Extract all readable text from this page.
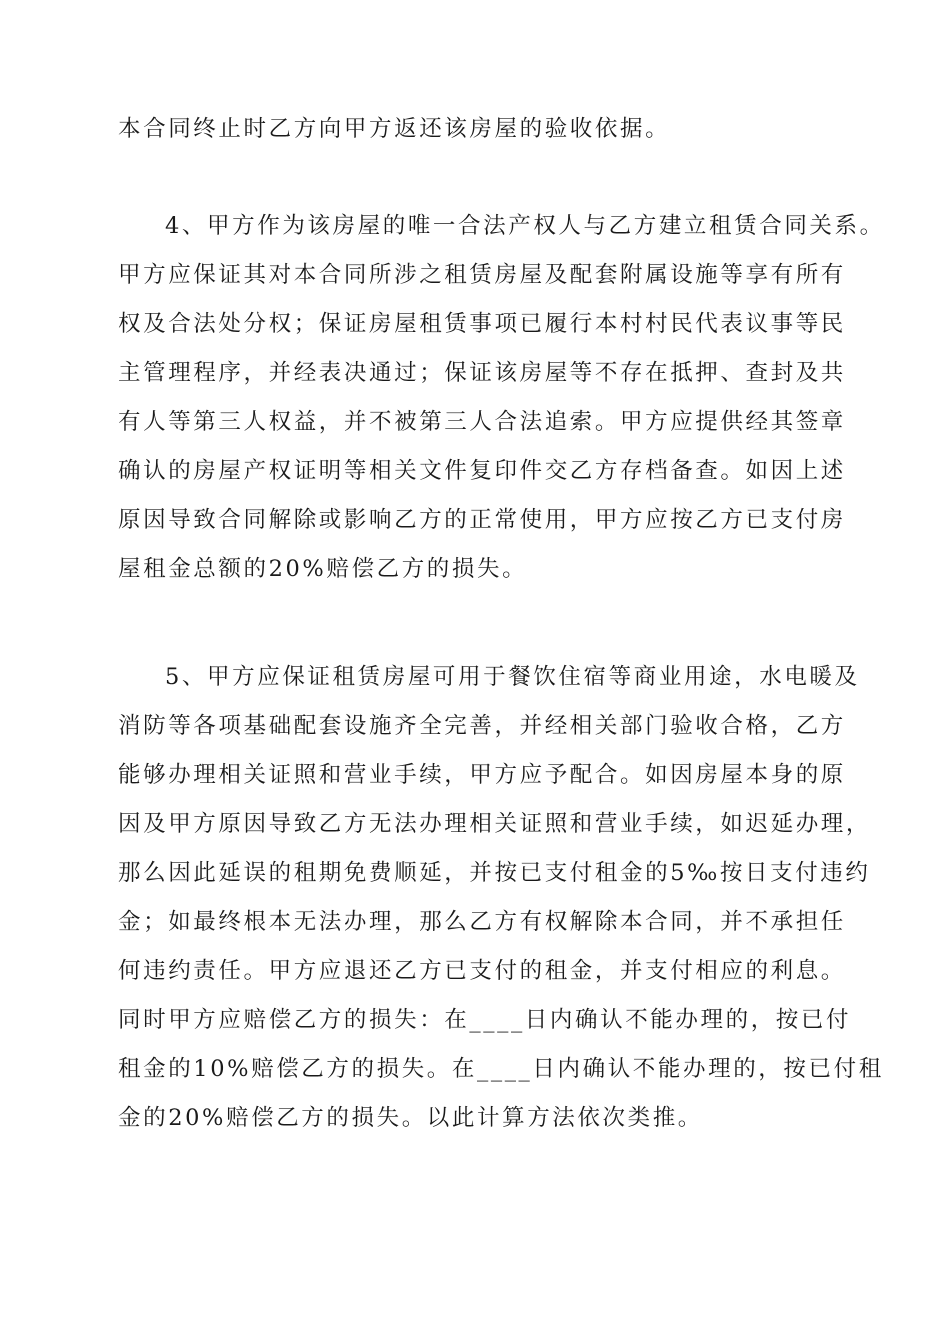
本合同终止时乙方向甲方返还该房屋的验收依据。
4、甲方作为该房屋的唯一合法产权人与乙方建立租赁合同关系。
甲方应保证其对本合同所涉之租赁房屋及配套附属设施等享有所有
权及合法处分权；保证房屋租赁事项已履行本村村民代表议事等民
主管理程序，并经表决通过；保证该房屋等不存在抵押、查封及共
有人等第三人权益，并不被第三人合法追索。甲方应提供经其签章
确认的房屋产权证明等相关文件复印件交乙方存档备查。如因上述
原因导致合同解除或影响乙方的正常使用，甲方应按乙方已支付房
屋租金总额的20%赔偿乙方的损失。
5、甲方应保证租赁房屋可用于餐饮住宿等商业用途，水电暖及
消防等各项基础配套设施齐全完善，并经相关部门验收合格，乙方
能够办理相关证照和营业手续，甲方应予配合。如因房屋本身的原
因及甲方原因导致乙方无法办理相关证照和营业手续，如迟延办理，
那么因此延误的租期免费顺延，并按已支付租金的5‰按日支付违约
金；如最终根本无法办理，那么乙方有权解除本合同，并不承担任
何违约责任。甲方应退还乙方已支付的租金，并支付相应的利息。
同时甲方应赔偿乙方的损失：在____日内确认不能办理的，按已付
租金的10%赔偿乙方的损失。在____日内确认不能办理的，按已付租
金的20%赔偿乙方的损失。以此计算方法依次类推。
